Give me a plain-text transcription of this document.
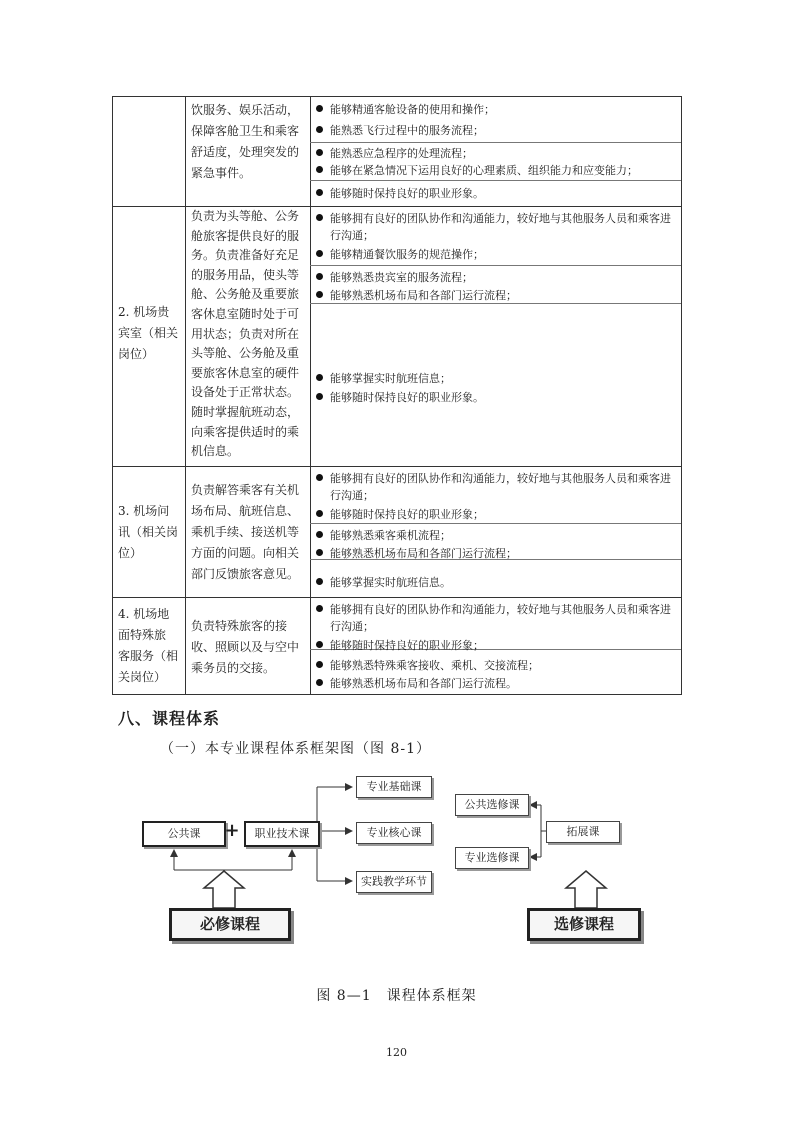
饮服务、娱乐活动，
保障客舱卫生和乘客
舒适度，处理突发的
紧急事件。
能够精通客舱设备的使用和操作；
能熟悉飞行过程中的服务流程；
能熟悉应急程序的处理流程；
能够在紧急情况下运用良好的心理素质、组织能力和应变能力；
能够随时保持良好的职业形象。
2. 机场贵
宾室（相关
岗位）
负责为头等舱、公务
舱旅客提供良好的服
务。负责准备好充足
的服务用品，使头等
舱、公务舱及重要旅
客休息室随时处于可
用状态；负责对所在
头等舱、公务舱及重
要旅客休息室的硬件
设备处于正常状态。
随时掌握航班动态，
向乘客提供适时的乘
机信息。
能够拥有良好的团队协作和沟通能力，较好地与其他服务人员和乘客进行沟通；
能够精通餐饮服务的规范操作；
能够熟悉贵宾室的服务流程；
能够熟悉机场布局和各部门运行流程；
能够掌握实时航班信息；
能够随时保持良好的职业形象。
3. 机场问
讯（相关岗
位）
负责解答乘客有关机
场布局、航班信息、
乘机手续、接送机等
方面的问题。向相关
部门反馈旅客意见。
能够拥有良好的团队协作和沟通能力，较好地与其他服务人员和乘客进行沟通；
能够随时保持良好的职业形象；
能够熟悉乘客乘机流程；
能够熟悉机场布局和各部门运行流程；
能够掌握实时航班信息。
4. 机场地
面特殊旅
客服务（相
关岗位）
负责特殊旅客的接
收、照顾以及与空中
乘务员的交接。
能够拥有良好的团队协作和沟通能力，较好地与其他服务人员和乘客进行沟通；
能够随时保持良好的职业形象；
能够熟悉特殊乘客接收、乘机、交接流程；
能够熟悉机场布局和各部门运行流程。
八、课程体系
（一）本专业课程体系框架图（图 8-1）
公共课	+	职业技术课
专业基础课
专业核心课
实践教学环节
必修课程
公共选修课
专业选修课
拓展课
选修课程
图 8—1　课程体系框架
120
